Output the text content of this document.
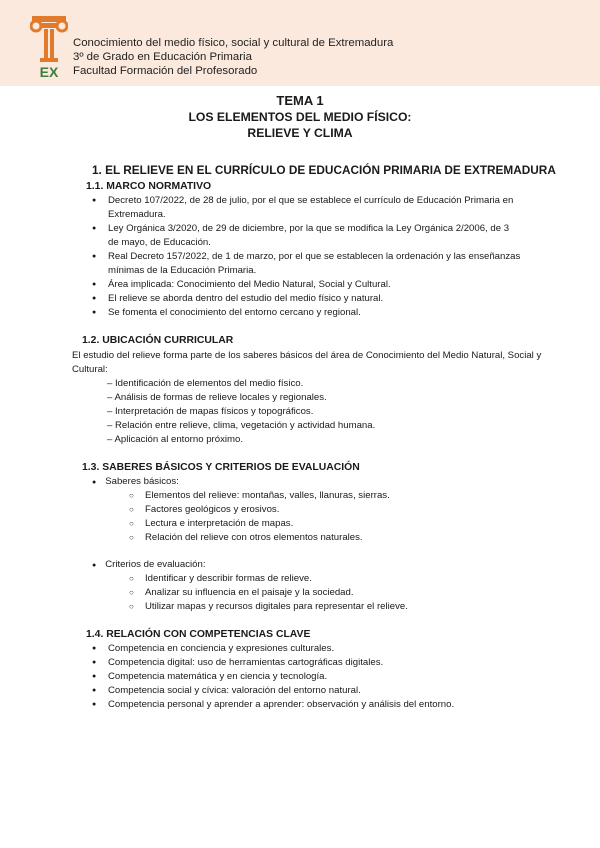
EX
Conocimiento del medio físico, social y cultural de Extremadura
3º de Grado en Educación Primaria
Facultad Formación del Profesorado
TEMA 1
LOS ELEMENTOS DEL MEDIO FÍSICO:
RELIEVE Y CLIMA
1. EL RELIEVE EN EL CURRÍCULO DE EDUCACIÓN PRIMARIA DE EXTREMADURA
1.1. MARCO NORMATIVO
● Decreto 107/2022, de 28 de julio, por el que se establece el currículo de Educación Primaria en Extremadura.
● Ley Orgánica 3/2020, de 29 de diciembre, por la que se modifica la Ley Orgánica 2/2006, de 3 de mayo, de Educación.
● Real Decreto 157/2022, de 1 de marzo, por el que se establecen la ordenación y las enseñanzas mínimas de la Educación Primaria.
● Área implicada: Conocimiento del Medio Natural, Social y Cultural.
● El relieve se aborda dentro del estudio del medio físico y natural.
● Se fomenta el conocimiento del entorno cercano y regional.
1.2. UBICACIÓN CURRICULAR
El estudio del relieve forma parte de los saberes básicos del área de Conocimiento del Medio Natural, Social y Cultural:
– Identificación de elementos del medio físico.
– Análisis de formas de relieve locales y regionales.
– Interpretación de mapas físicos y topográficos.
– Relación entre relieve, clima, vegetación y actividad humana.
– Aplicación al entorno próximo.
1.3. SABERES BÁSICOS Y CRITERIOS DE EVALUACIÓN
● Saberes básicos:
○ Elementos del relieve: montañas, valles, llanuras, sierras.
○ Factores geológicos y erosivos.
○ Lectura e interpretación de mapas.
○ Relación del relieve con otros elementos naturales.
● Criterios de evaluación:
○ Identificar y describir formas de relieve.
○ Analizar su influencia en el paisaje y la sociedad.
○ Utilizar mapas y recursos digitales para representar el relieve.
1.4. RELACIÓN CON COMPETENCIAS CLAVE
● Competencia en conciencia y expresiones culturales.
● Competencia digital: uso de herramientas cartográficas digitales.
● Competencia matemática y en ciencia y tecnología.
● Competencia social y cívica: valoración del entorno natural.
● Competencia personal y aprender a aprender: observación y análisis del entorno.
